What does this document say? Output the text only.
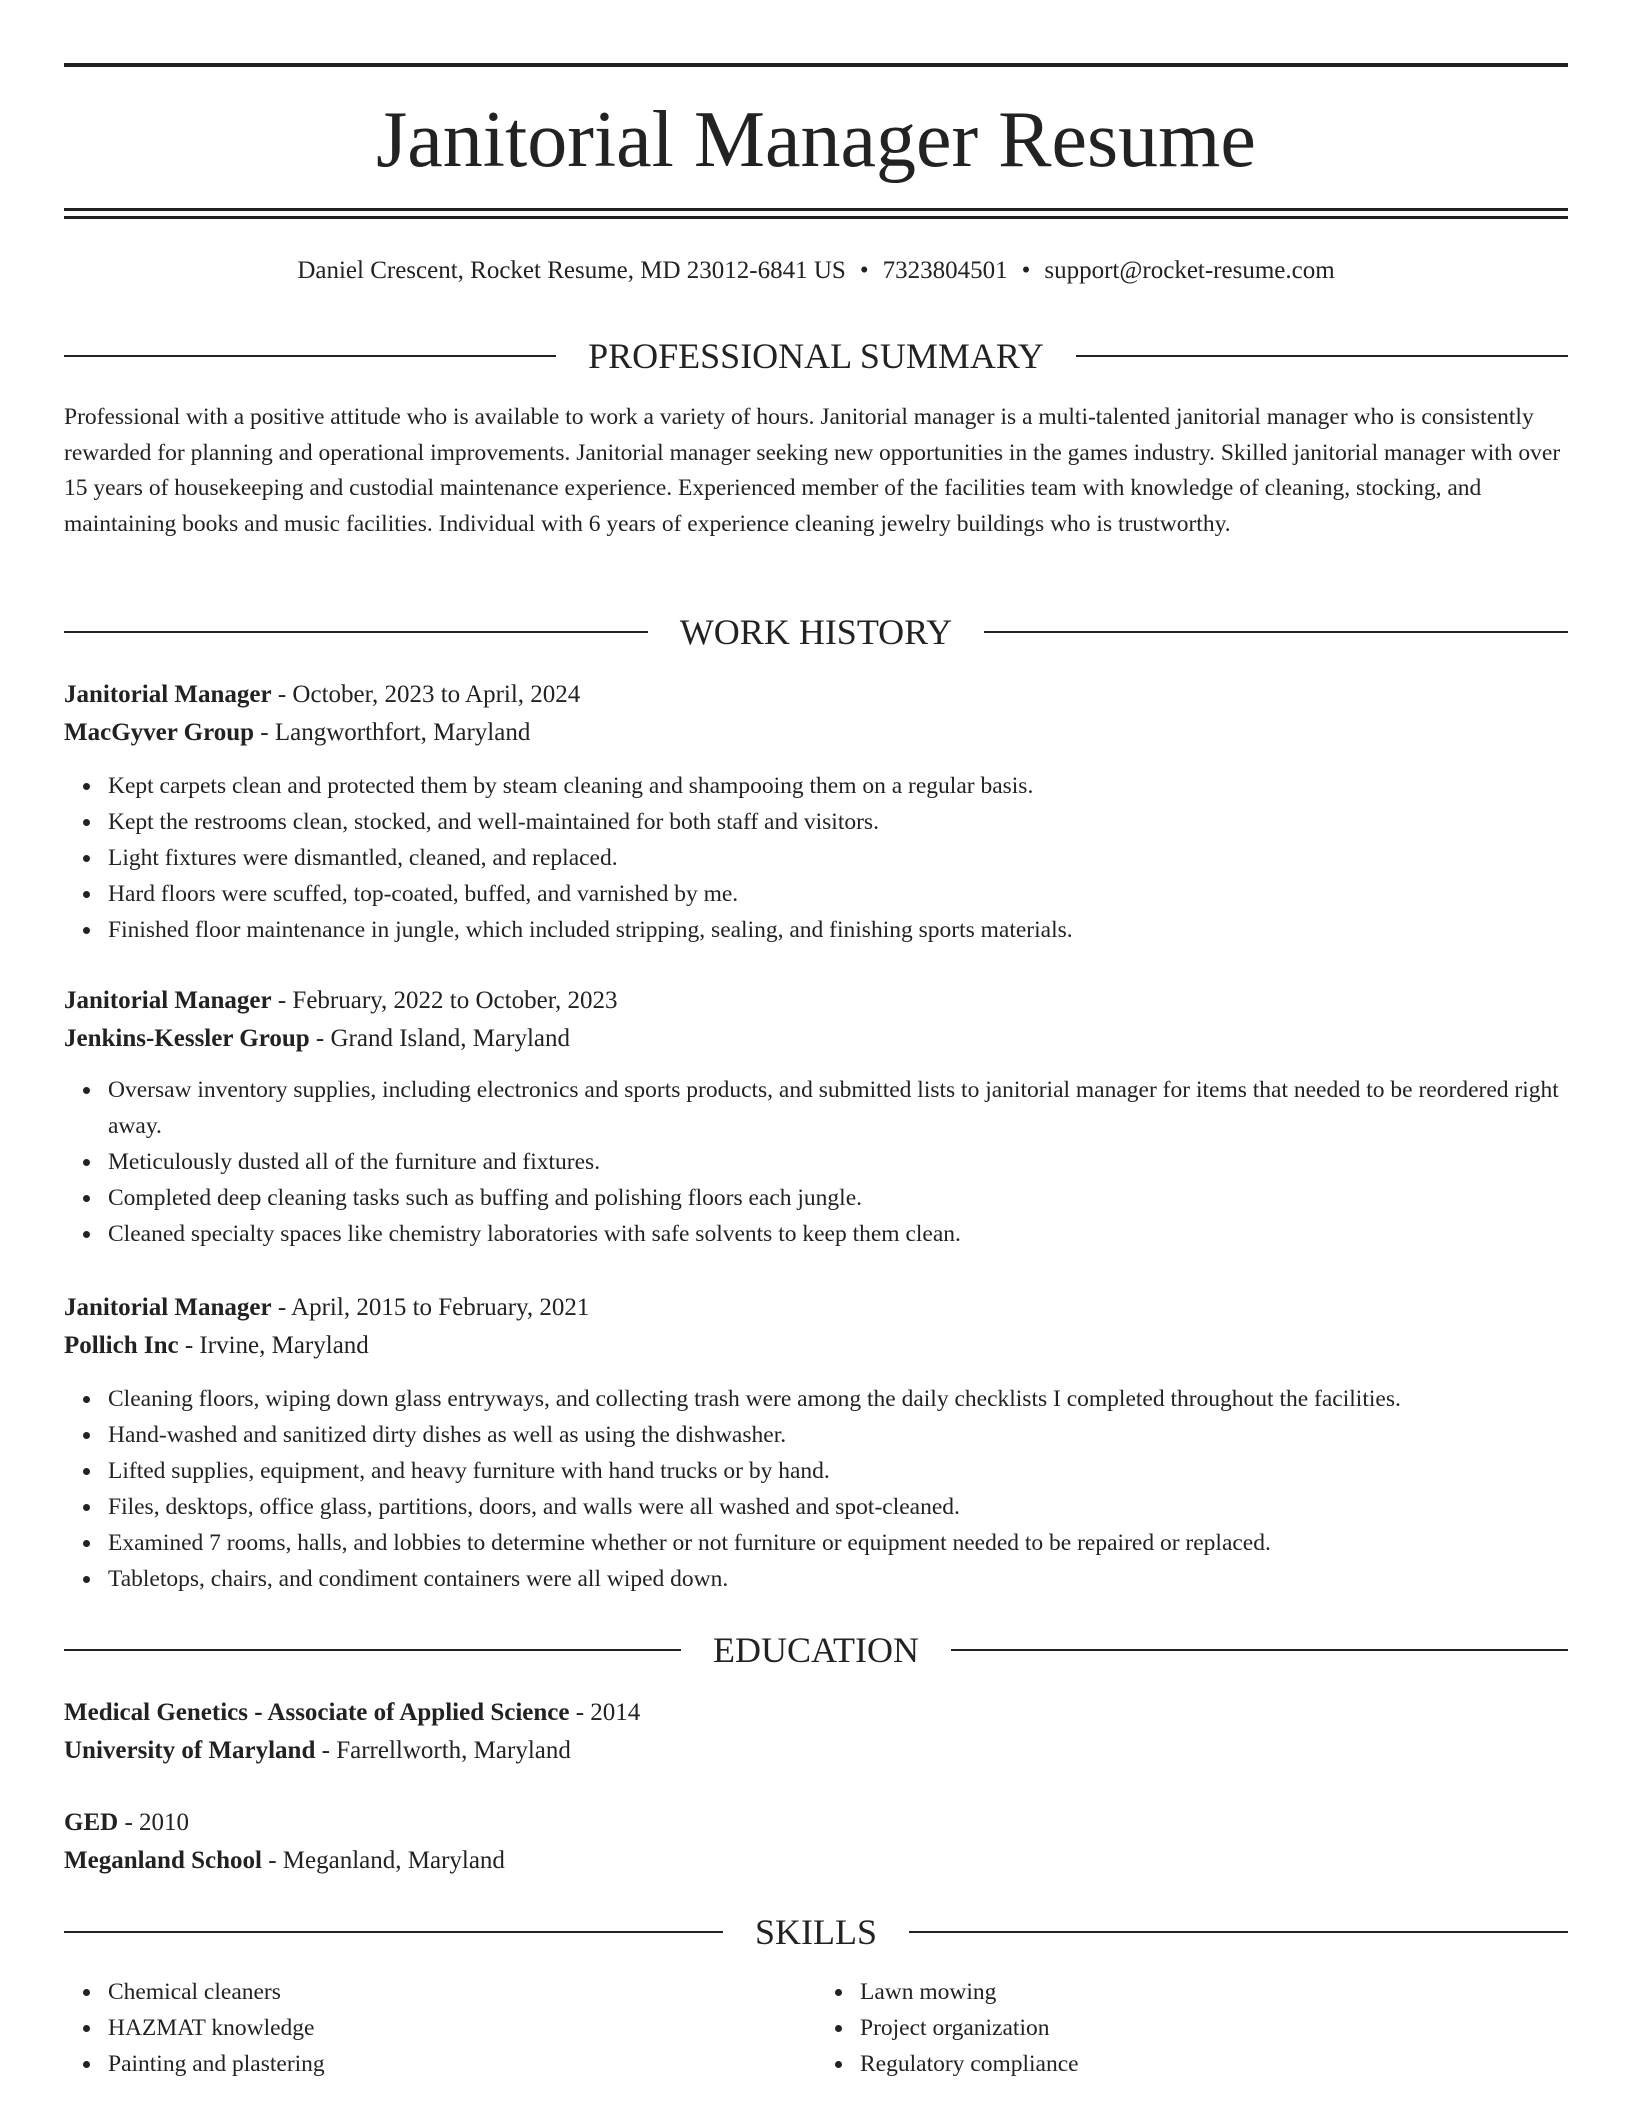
Janitorial Manager Resume
Daniel Crescent, Rocket Resume, MD 23012-6841 US • 7323804501 • support@rocket-resume.com
PROFESSIONAL SUMMARY

Professional with a positive attitude who is available to work a variety of hours. Janitorial manager is a multi-talented janitorial manager who is consistently rewarded for planning and operational improvements. Janitorial manager seeking new opportunities in the games industry. Skilled janitorial manager with over 15 years of housekeeping and custodial maintenance experience. Experienced member of the facilities team with knowledge of cleaning, stocking, and maintaining books and music facilities. Individual with 6 years of experience cleaning jewelry buildings who is trustworthy.

WORK HISTORY
Janitorial Manager - October, 2023 to April, 2024
MacGyver Group - Langworthfort, Maryland
Kept carpets clean and protected them by steam cleaning and shampooing them on a regular basis.
Kept the restrooms clean, stocked, and well-maintained for both staff and visitors.
Light fixtures were dismantled, cleaned, and replaced.
Hard floors were scuffed, top-coated, buffed, and varnished by me.
Finished floor maintenance in jungle, which included stripping, sealing, and finishing sports materials.
Janitorial Manager - February, 2022 to October, 2023
Jenkins-Kessler Group - Grand Island, Maryland
Oversaw inventory supplies, including electronics and sports products, and submitted lists to janitorial manager for items that needed to be reordered right away.
Meticulously dusted all of the furniture and fixtures.
Completed deep cleaning tasks such as buffing and polishing floors each jungle.
Cleaned specialty spaces like chemistry laboratories with safe solvents to keep them clean.
Janitorial Manager - April, 2015 to February, 2021
Pollich Inc - Irvine, Maryland
Cleaning floors, wiping down glass entryways, and collecting trash were among the daily checklists I completed throughout the facilities.
Hand-washed and sanitized dirty dishes as well as using the dishwasher.
Lifted supplies, equipment, and heavy furniture with hand trucks or by hand.
Files, desktops, office glass, partitions, doors, and walls were all washed and spot-cleaned.
Examined 7 rooms, halls, and lobbies to determine whether or not furniture or equipment needed to be repaired or replaced.
Tabletops, chairs, and condiment containers were all wiped down.
EDUCATION
Medical Genetics - Associate of Applied Science - 2014
University of Maryland - Farrellworth, Maryland
GED - 2010
Meganland School - Meganland, Maryland
SKILLS
Chemical cleaners
HAZMAT knowledge
Painting and plastering
Lawn mowing
Project organization
Regulatory compliance
